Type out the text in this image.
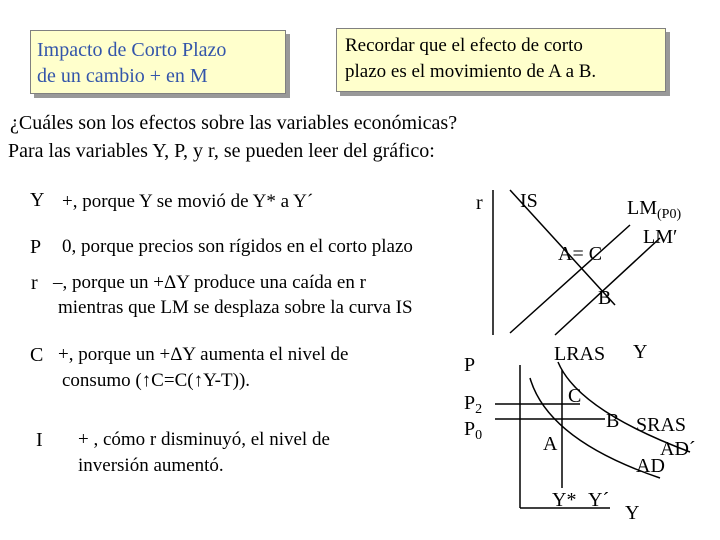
Impacto de Corto Plazo
de un cambio + en M
Recordar que el efecto de corto
plazo es el movimiento de A a B.
¿Cuáles son los efectos sobre las variables económicas?
Para las variables Y, P, y r, se pueden leer del gráfico:
Y +, porque Y se movió de Y* a Y´
P 0, porque precios son rígidos en el corto plazo
r –, porque un +ΔY produce una caída en r
mientras que LM se desplaza sobre la curva IS
C +, porque un +ΔY aumenta el nivel de
consumo (↑C=C(↑Y-T)).
I + , cómo r disminuyó, el nivel de
inversión aumentó.
r IS	$LM_{(P0)}$
LM′
A= C
B
P
$P_2$
$P_0$
LRAS Y
C
B SRAS
A	AD´
AD
Y* Y´
Y
